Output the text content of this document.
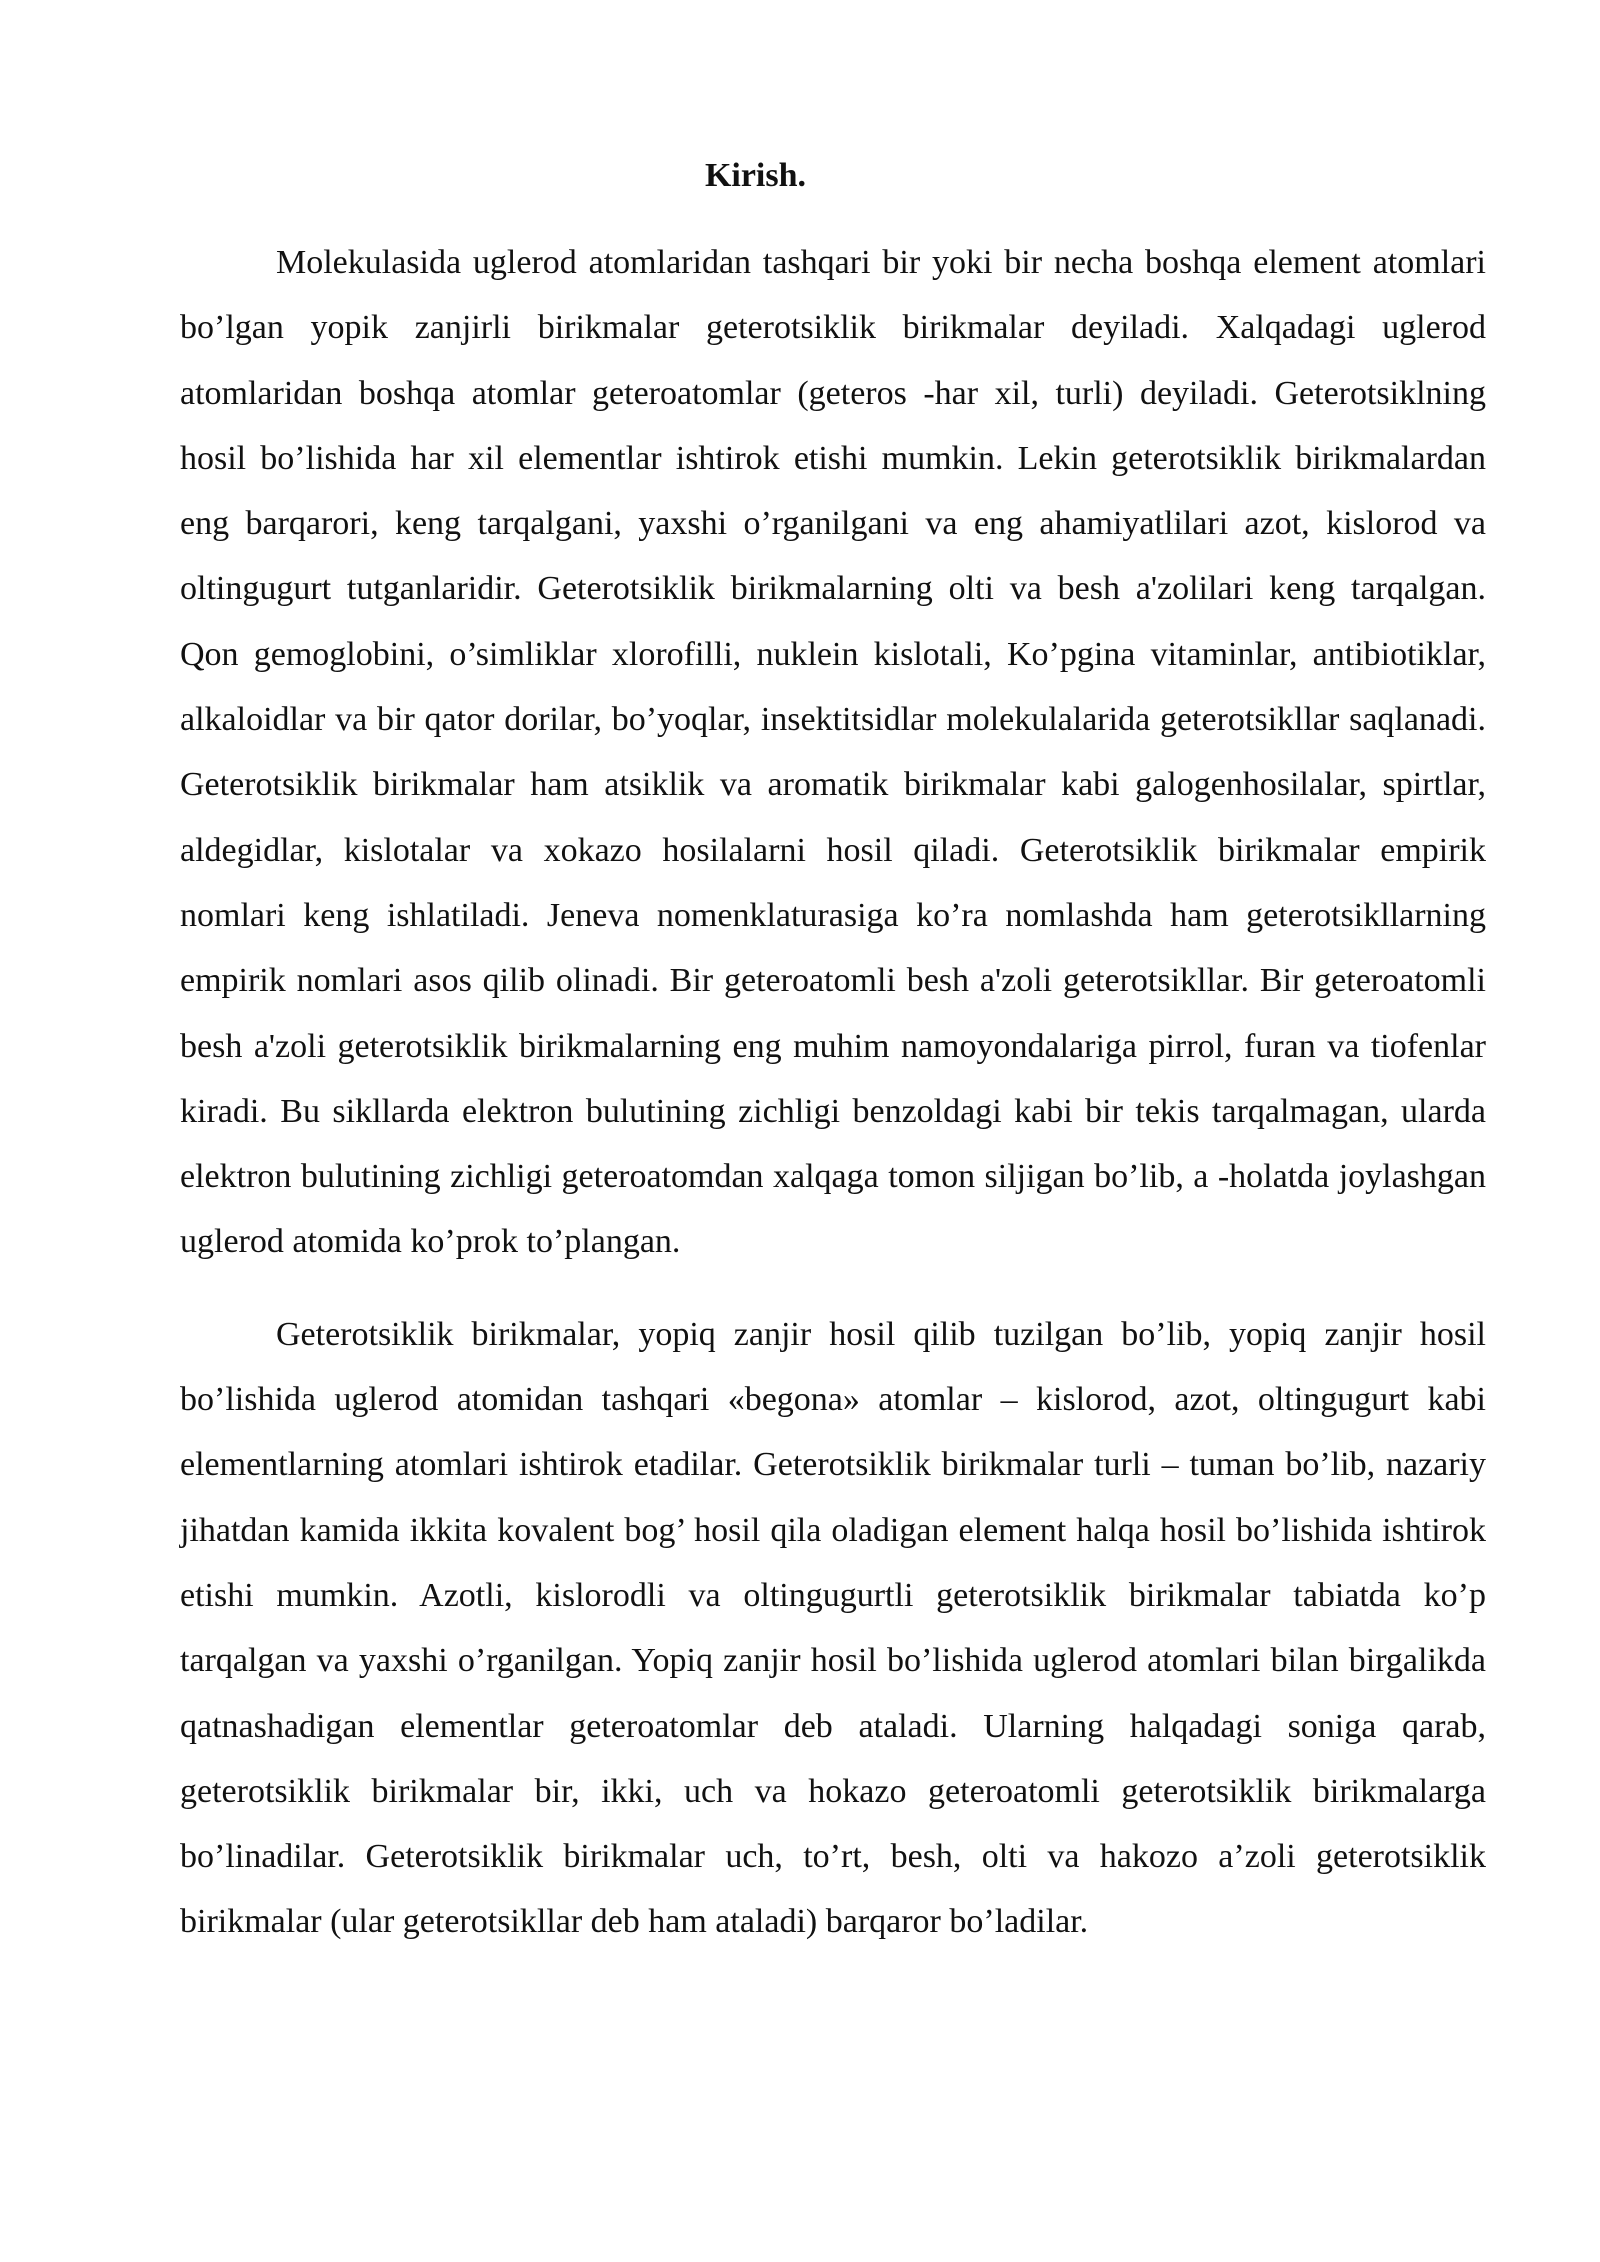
Kirish.

Molekulasida uglerod atomlaridan tashqari bir yoki bir necha boshqa element atomlari bo’lgan yopik zanjirli birikmalar geterotsiklik birikmalar deyiladi. Xalqadagi uglerod atomlaridan boshqa atomlar geteroatomlar (geteros -har xil, turli) deyiladi. Geterotsiklning hosil bo’lishida har xil elementlar ishtirok etishi mumkin. Lekin geterotsiklik birikmalardan eng barqarori, keng tarqalgani, yaxshi o’rganilgani va eng ahamiyatlilari azot, kislorod va oltingugurt tutganlaridir. Geterotsiklik birikmalarning olti va besh a'zolilari keng tarqalgan. Qon gemoglobini, o’simliklar xlorofilli, nuklein kislotali, Ko’pgina vitaminlar, antibiotiklar, alkaloidlar va bir qator dorilar, bo’yoqlar, insektitsidlar molekulalarida geterotsikllar saqlanadi. Geterotsiklik birikmalar ham atsiklik va aromatik birikmalar kabi galogenhosilalar, spirtlar, aldegidlar, kislotalar va xokazo hosilalarni hosil qiladi. Geterotsiklik birikmalar empirik nomlari keng ishlatiladi. Jeneva nomenklaturasiga ko’ra nomlashda ham geterotsikllarning empirik nomlari asos qilib olinadi. Bir geteroatomli besh a'zoli geterotsikllar. Bir geteroatomli besh a'zoli geterotsiklik birikmalarning eng muhim namoyondalariga pirrol, furan va tiofenlar kiradi. Bu sikllarda elektron bulutining zichligi benzoldagi kabi bir tekis tarqalmagan, ularda elektron bulutining zichligi geteroatomdan xalqaga tomon siljigan bo’lib, a -holatda joylashgan uglerod atomida ko’prok to’plangan.

Geterotsiklik birikmalar, yopiq zanjir hosil qilib tuzilgan bo’lib, yopiq zanjir hosil bo’lishida uglerod atomidan tashqari «begona» atomlar – kislorod, azot, oltingugurt kabi elementlarning atomlari ishtirok etadilar. Geterotsiklik birikmalar turli – tuman bo’lib, nazariy jihatdan kamida ikkita kovalent bog’ hosil qila oladigan element halqa hosil bo’lishida ishtirok etishi mumkin. Azotli, kislorodli va oltingugurtli geterotsiklik birikmalar tabiatda ko’p tarqalgan va yaxshi o’rganilgan. Yopiq zanjir hosil bo’lishida uglerod atomlari bilan birgalikda qatnashadigan elementlar geteroatomlar deb ataladi. Ularning halqadagi soniga qarab, geterotsiklik birikmalar bir, ikki, uch va hokazo geteroatomli geterotsiklik birikmalarga bo’linadilar. Geterotsiklik birikmalar uch, to’rt, besh, olti va hakozo a’zoli geterotsiklik birikmalar (ular geterotsikllar deb ham ataladi) barqaror bo’ladilar.
